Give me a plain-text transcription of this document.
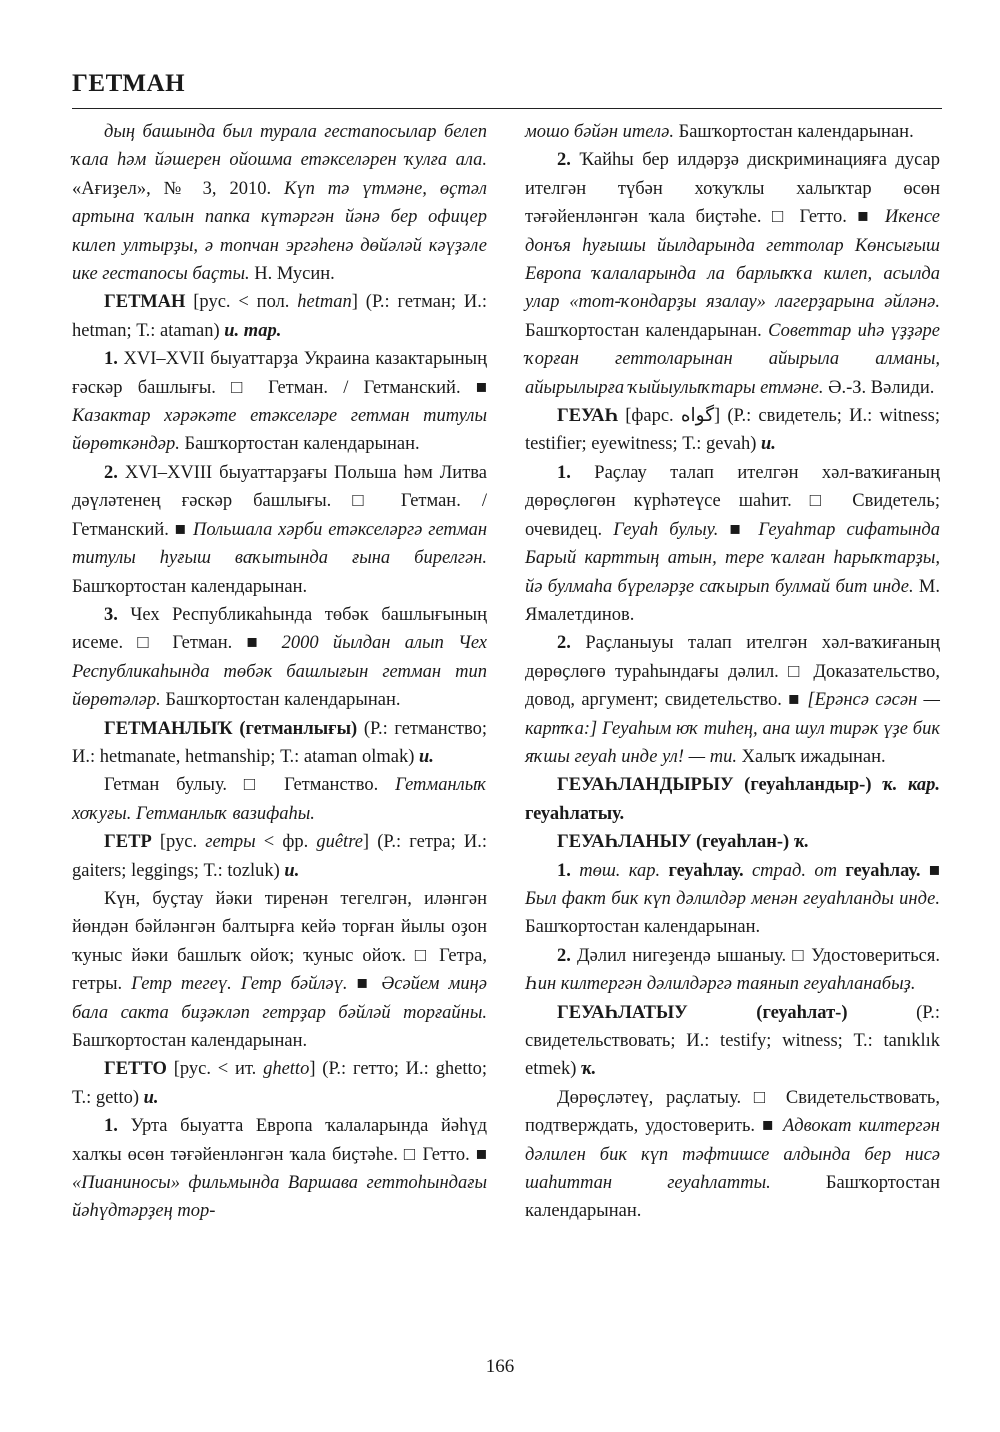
ГЕТМАН

дың башында был турала гестапосылар белеп ҡала һәм йәшерен ойошма етәкселәрен ҡулға ала. «Ағиҙел», № 3, 2010. Күп тә үтмәне, өҫтәл артына ҡалын папка күтәргән йәнә бер офицер килеп ултырҙы, ә топчан эргәһенә дөйәләй кәүҙәле ике гестапосы баҫты. Н. Мусин.

ГЕТМАН [рус. < пол. hetman] (Р.: гетман; И.: hetman; Т.: ataman) и. тар.

1. XVI–XVII быуаттарҙа Украина казактарының ғәскәр башлығы. □ Гетман. / Гетманский. ■ Казактар хәрәкәте етәкселәре гетман титулы йөрөткәндәр. Башҡортостан календарынан.

2. XVI–XVIII быуаттарҙағы Польша һәм Литва дәүләтенең ғәскәр башлығы. □ Гетман. / Гетманский. ■ Польшала хәрби етәкселәргә гетман титулы һуғыш ваҡытында ғына бирелгән. Башҡортостан календарынан.

3. Чех Республикаһында төбәк башлығының исеме. □ Гетман. ■ 2000 йылдан алып Чех Республикаһында төбәк башлығын гетман тип йөрөтәләр. Башҡортостан календарынан.

ГЕТМАНЛЫҠ (гетманлығы) (Р.: гетманство; И.: hetmanate, hetmanship; Т.: ataman olmak) и.

Гетман булыу. □ Гетманство. Гетманлыҡ хоҡуғы. Гетманлыҡ вазифаһы.

ГЕТР [рус. гетры < фр. guêtre] (Р.: гетра; И.: gaiters; leggings; Т.: tozluk) и.

Күн, буҫтау йәки тиренән тегелгән, иләнгән йөндән бәйләнгән балтырға кейә торған йылы оҙон ҡуныс йәки башлыҡ ойоҡ; ҡуныс ойоҡ. □ Гетра, гетры. Гетр тегеү. Гетр бәйләү. ■ Әсәйем миңә бала сакта биҙәкләп гетрҙар бәйләй торғайны. Башҡортостан календарынан.

ГЕТТО [рус. < ит. ghetto] (Р.: гетто; И.: ghetto; Т.: getto) и.

1. Урта быуатта Европа ҡалаларында йәһүд халҡы өсөн тәғәйенләнгән ҡала биҫтәһе. □ Гетто. ■ «Пианиносы» фильмында Варшава геттоһындағы йәһүдтәрҙең тор-

мошо бәйән ителә. Башҡортостан календарынан.

2. Ҡайһы бер илдәрҙә дискриминацияға дусар ителгән түбән хоҡуҡлы халыҡтар өсөн тәғәйенләнгән ҡала биҫтәһе. □ Гетто. ■ Икенсе донъя һуғышы йылдарында геттолар Көнсығыш Европа ҡалаларында ла барлыҡҡа килеп, асылда улар «тот-ҡондарҙы язалау» лагерҙарына әйләнә. Башҡортостан календарынан. Советтар иһә үҙҙәре ҡорған геттоларынан айырыла алманы, айырылырға ҡыйыулыҡтары етмәне. Ә.-З. Вәлиди.

ГЕУАҺ [фарс. گواه] (Р.: свидетель; И.: witness; testifier; eyewitness; Т.: gevah) и.

1. Раҫлау талап ителгән хәл-ваҡиғаның дөрөҫлөгөн күрһәтеүсе шаһит. □ Свидетель; очевидец. Геуаһ булыу. ■ Геуаһтар сифатында Барый карттың атын, тере ҡалған һарыҡтарҙы, йә булмаһа бүреләрҙе саҡырып булмай бит инде. М. Ямалетдинов.

2. Раҫланыуы талап ителгән хәл-ваҡиғаның дөрөҫлөгө тураһындағы дәлил. □ Доказательство, довод, аргумент; свидетельство. ■ [Ерәнсә сәсән — картҡа:] Геуаһым юҡ тиһең, ана шул тирәк үҙе бик яҡшы геуаһ инде ул! — ти. Халыҡ ижадынан.

ГЕУАҺЛАНДЫРЫУ (геуаһландыр-) ҡ. кар. геуаһлатыу.

ГЕУАҺЛАНЫУ (геуаһлан-) ҡ.

1. төш. кар. геуаһлау. страд. от геуаһлау. ■ Был факт бик күп дәлилдәр менән геуаһланды инде. Башҡортостан календарынан.

2. Дәлил нигеҙендә ышаныу. □ Удостовериться. Һин килтергән дәлилдәргә таянып геуаһланабыҙ.

ГЕУАҺЛАТЫУ (геуаһлат-) (Р.: свидетельствовать; И.: testify; witness; Т.: tanıklık etmek) ҡ.

Дөрөҫләтеү, раҫлатыу. □ Свидетельствовать, подтверждать, удостоверить. ■ Адвокат килтергән дәлилен бик күп тәфтишсе алдында бер нисә шаһиттан геуаһлатты. Башҡортостан календарынан.

166
